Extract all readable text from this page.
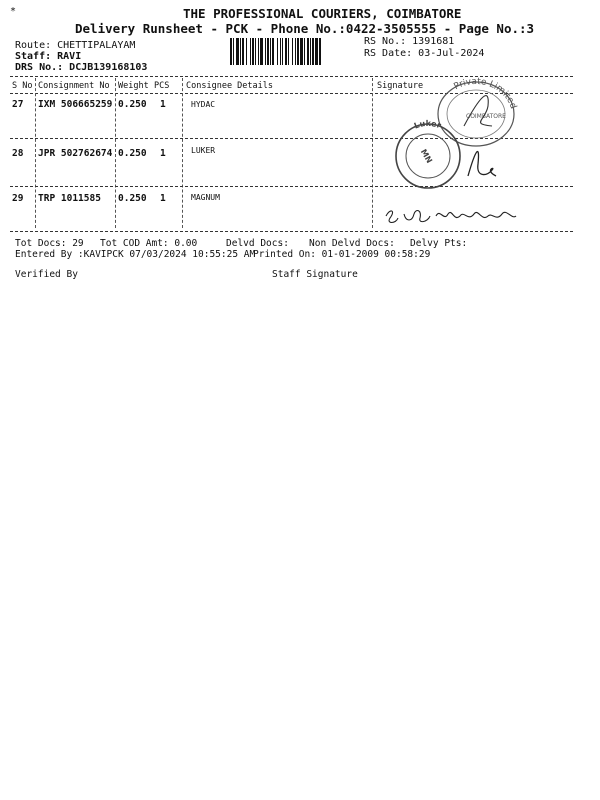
*	THE PROFESSIONAL COURIERS, COIMBATORE
Delivery Runsheet - PCK - Phone No.:0422-3505555 - Page No.:3
Route: CHETTIPALAYAM
Staff: RAVI
DRS No.: DCJB139168103
RS No.: 1391681
RS Date: 03-Jul-2024
S No Consignment No Weight PCS Consignee Details	Signature
27 IXM 506665259 0.250 1	HYDAC
28 JPR 502762674 0.250 1	LUKER
29 TRP 1011585 0.250 1	MAGNUM
Private Limited
COIMBATORE
Luker
MN
Tot Docs: 29 Tot COD Amt: 0.00	Delvd Docs: Non Delvd Docs: Delvy Pts:
Entered By :KAVIPCK 07/03/2024 10:55:25 AM
Printed On: 01-01-2009 00:58:29
Verified By	Staff Signature
